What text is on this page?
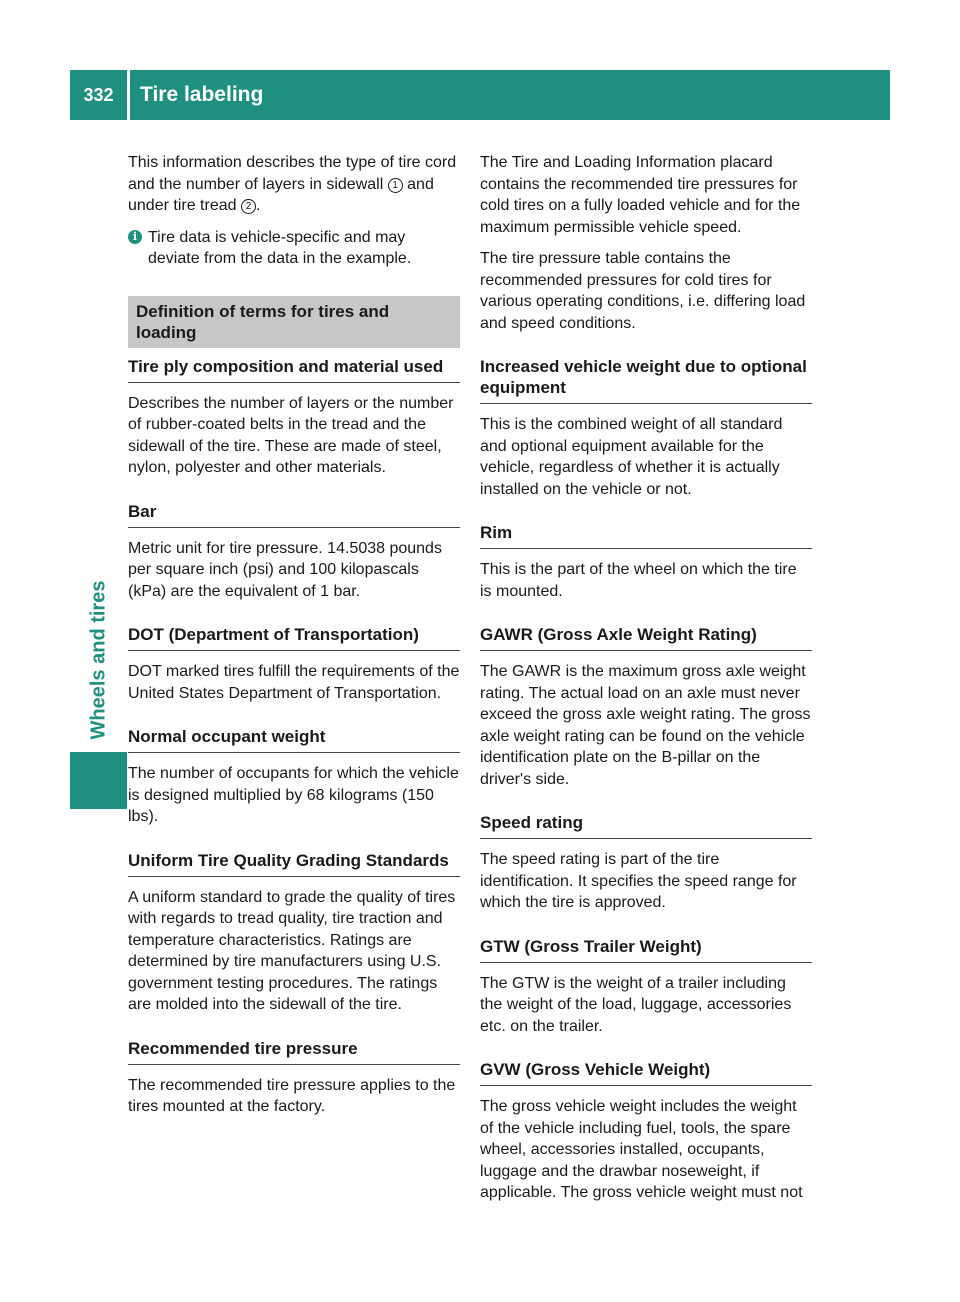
332	Tire labeling
Wheels and tires

This information describes the type of tire cord and the number of layers in sidewall 1 and under tire tread 2 .

i Tire data is vehicle-specific and may deviate from the data in the example.
Definition of terms for tires and loading
Tire ply composition and material used

Describes the number of layers or the number of rubber-coated belts in the tread and the sidewall of the tire. These are made of steel, nylon, polyester and other materials.

Bar

Metric unit for tire pressure. 14.5038 pounds per square inch (psi) and 100 kilopascals (kPa) are the equivalent of 1 bar.

DOT (Department of Transportation)

DOT marked tires fulfill the requirements of the United States Department of Transportation.

Normal occupant weight

The number of occupants for which the vehicle is designed multiplied by 68 kilograms (150 lbs).

Uniform Tire Quality Grading Standards

A uniform standard to grade the quality of tires with regards to tread quality, tire traction and temperature characteristics. Ratings are determined by tire manufacturers using U.S. government testing procedures. The ratings are molded into the sidewall of the tire.

Recommended tire pressure

The recommended tire pressure applies to the tires mounted at the factory.

The Tire and Loading Information placard contains the recommended tire pressures for cold tires on a fully loaded vehicle and for the maximum permissible vehicle speed.

The tire pressure table contains the recommended pressures for cold tires for various operating conditions, i.e. differing load and speed conditions.

Increased vehicle weight due to optional equipment

This is the combined weight of all standard and optional equipment available for the vehicle, regardless of whether it is actually installed on the vehicle or not.

Rim

This is the part of the wheel on which the tire is mounted.

GAWR (Gross Axle Weight Rating)

The GAWR is the maximum gross axle weight rating. The actual load on an axle must never exceed the gross axle weight rating. The gross axle weight rating can be found on the vehicle identification plate on the B-pillar on the driver's side.

Speed rating

The speed rating is part of the tire identification. It specifies the speed range for which the tire is approved.

GTW (Gross Trailer Weight)

The GTW is the weight of a trailer including the weight of the load, luggage, accessories etc. on the trailer.

GVW (Gross Vehicle Weight)

The gross vehicle weight includes the weight of the vehicle including fuel, tools, the spare wheel, accessories installed, occupants, luggage and the drawbar noseweight, if applicable. The gross vehicle weight must not
